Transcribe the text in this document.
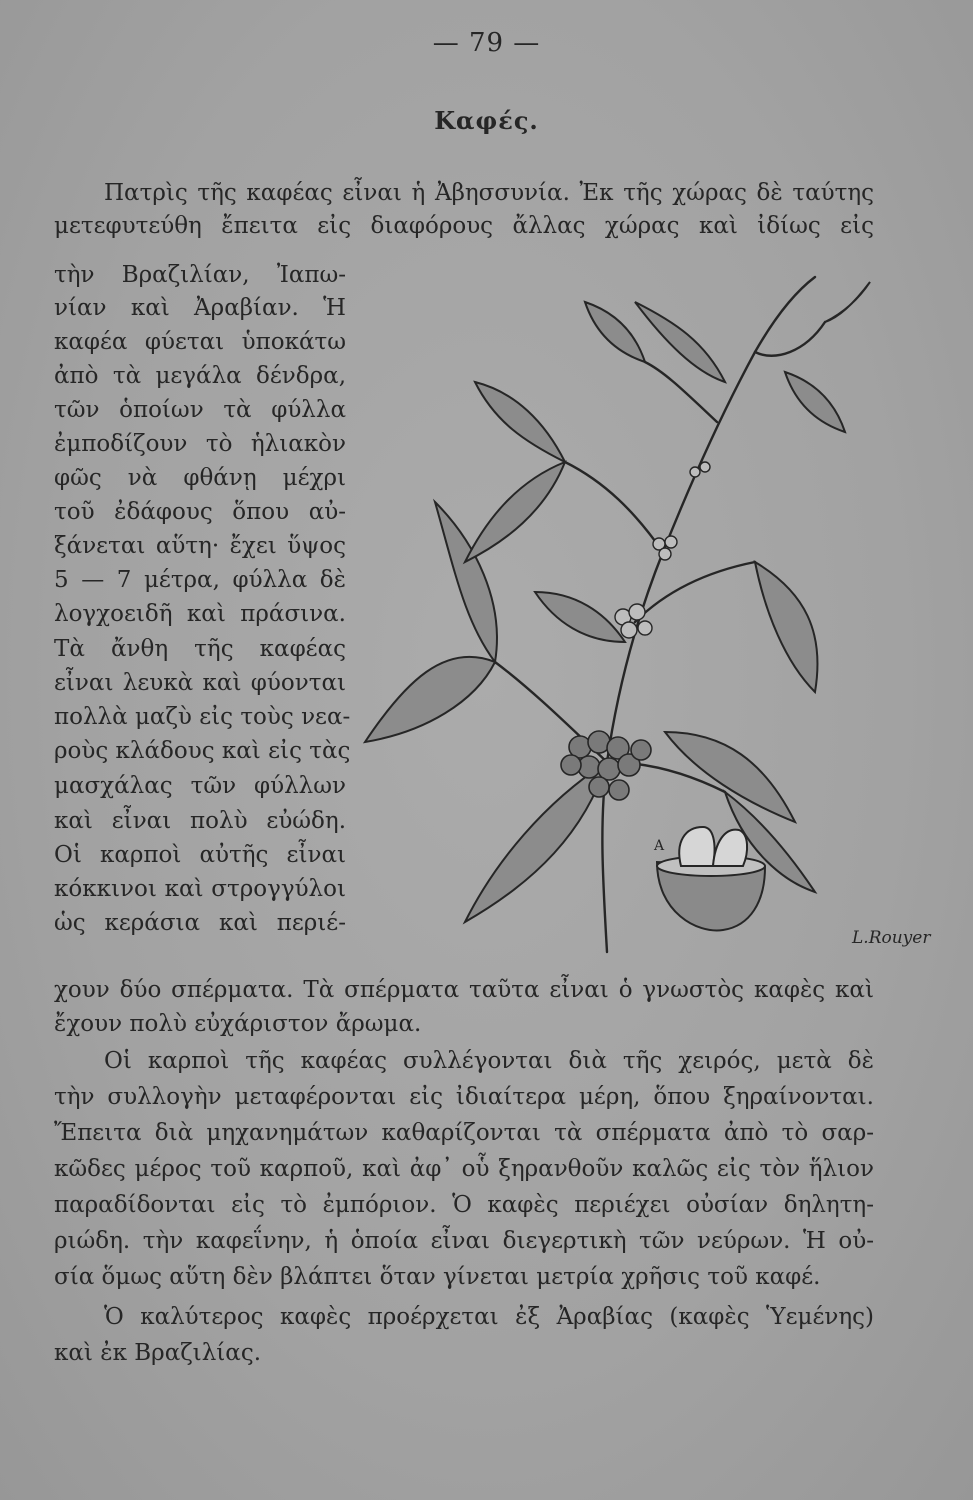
— 79 —
Καφές.
Πατρὶς τῆς καφέας εἶναι ἡ Ἀβησσυνία. Ἐκ τῆς χώρας δὲ ταύτης
μετεφυτεύθη ἔπειτα εἰς διαφόρους ἄλλας χώρας καὶ ἰδίως εἰς
τὴν Βραζιλίαν, Ἰαπω-
νίαν καὶ Ἀραβίαν. Ἡ
καφέα φύεται ὑποκάτω
ἀπὸ τὰ μεγάλα δένδρα,
τῶν ὁποίων τὰ φύλλα
ἐμποδίζουν τὸ ἡλιακὸν
φῶς νὰ φθάνῃ μέχρι
τοῦ ἐδάφους ὅπου αὐ-
ξάνεται αὕτη· ἔχει ὕψος
5 — 7 μέτρα, φύλλα δὲ
λογχοειδῆ καὶ πράσινα.
Τὰ ἄνθη τῆς καφέας
εἶναι λευκὰ καὶ φύονται
πολλὰ μαζὺ εἰς τοὺς νεα-
ροὺς κλάδους καὶ εἰς τὰς
μασχάλας τῶν φύλλων
καὶ εἶναι πολὺ εὐώδη.
Οἱ καρποὶ αὐτῆς εἶναι
κόκκινοι καὶ στρογγύλοι
ὡς κεράσια καὶ περιέ-
χουν δύο σπέρματα. Τὰ σπέρματα ταῦτα εἶναι ὁ γνωστὸς καφὲς καὶ
ἔχουν πολὺ εὐχάριστον ἄρωμα.
Οἱ καρποὶ τῆς καφέας συλλέγονται διὰ τῆς χειρός, μετὰ δὲ
τὴν συλλογὴν μεταφέρονται εἰς ἰδιαίτερα μέρη, ὅπου ξηραίνονται.
Ἔπειτα διὰ μηχανημάτων καθαρίζονται τὰ σπέρματα ἀπὸ τὸ σαρ-
κῶδες μέρος τοῦ καρποῦ, καὶ ἀφ᾽ οὗ ξηρανθοῦν καλῶς εἰς τὸν ἥλιον
παραδίδονται εἰς τὸ ἐμπόριον. Ὁ καφὲς περιέχει οὐσίαν δηλητη-
ριώδη. τὴν καφεΐνην, ἡ ὁποία εἶναι διεγερτικὴ τῶν νεύρων. Ἡ οὐ-
σία ὅμως αὕτη δὲν βλάπτει ὅταν γίνεται μετρία χρῆσις τοῦ καφέ.
Ὁ καλύτερος καφὲς προέρχεται ἐξ Ἀραβίας (καφὲς Ὑεμένης)
καὶ ἐκ Βραζιλίας.
A
L.Rouyer
